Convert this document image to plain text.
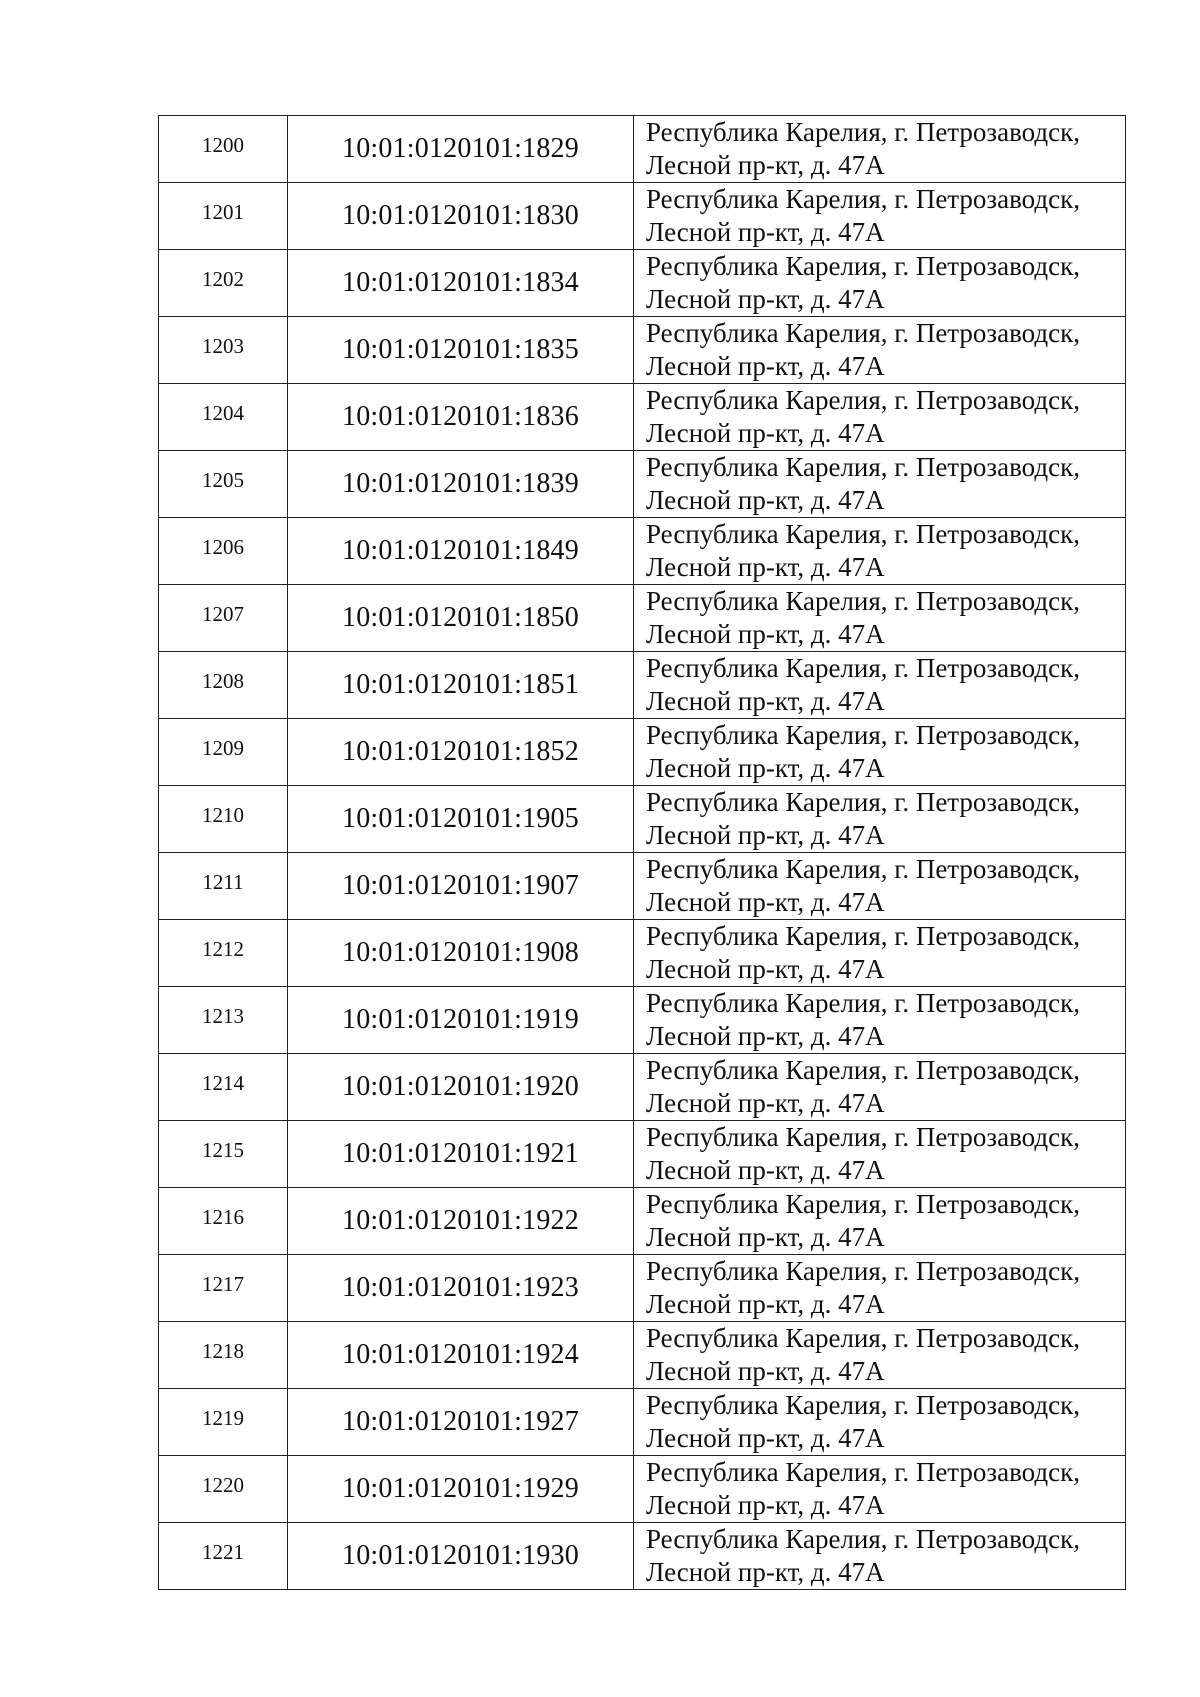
1200	10:01:0120101:1829	Республика Карелия, г. Петрозаводск,
Лесной пр-кт, д. 47А

1201	10:01:0120101:1830	Республика Карелия, г. Петрозаводск,
Лесной пр-кт, д. 47А

1202	10:01:0120101:1834	Республика Карелия, г. Петрозаводск,
Лесной пр-кт, д. 47А

1203	10:01:0120101:1835	Республика Карелия, г. Петрозаводск,
Лесной пр-кт, д. 47А

1204	10:01:0120101:1836	Республика Карелия, г. Петрозаводск,
Лесной пр-кт, д. 47А

1205	10:01:0120101:1839	Республика Карелия, г. Петрозаводск,
Лесной пр-кт, д. 47А

1206	10:01:0120101:1849	Республика Карелия, г. Петрозаводск,
Лесной пр-кт, д. 47А

1207	10:01:0120101:1850	Республика Карелия, г. Петрозаводск,
Лесной пр-кт, д. 47А

1208	10:01:0120101:1851	Республика Карелия, г. Петрозаводск,
Лесной пр-кт, д. 47А

1209	10:01:0120101:1852	Республика Карелия, г. Петрозаводск,
Лесной пр-кт, д. 47А

1210	10:01:0120101:1905	Республика Карелия, г. Петрозаводск,
Лесной пр-кт, д. 47А

1211	10:01:0120101:1907	Республика Карелия, г. Петрозаводск,
Лесной пр-кт, д. 47А

1212	10:01:0120101:1908	Республика Карелия, г. Петрозаводск,
Лесной пр-кт, д. 47А

1213	10:01:0120101:1919	Республика Карелия, г. Петрозаводск,
Лесной пр-кт, д. 47А

1214	10:01:0120101:1920	Республика Карелия, г. Петрозаводск,
Лесной пр-кт, д. 47А

1215	10:01:0120101:1921	Республика Карелия, г. Петрозаводск,
Лесной пр-кт, д. 47А

1216	10:01:0120101:1922	Республика Карелия, г. Петрозаводск,
Лесной пр-кт, д. 47А

1217	10:01:0120101:1923	Республика Карелия, г. Петрозаводск,
Лесной пр-кт, д. 47А

1218	10:01:0120101:1924	Республика Карелия, г. Петрозаводск,
Лесной пр-кт, д. 47А

1219	10:01:0120101:1927	Республика Карелия, г. Петрозаводск,
Лесной пр-кт, д. 47А

1220	10:01:0120101:1929	Республика Карелия, г. Петрозаводск,
Лесной пр-кт, д. 47А

1221	10:01:0120101:1930	Республика Карелия, г. Петрозаводск,
Лесной пр-кт, д. 47А
